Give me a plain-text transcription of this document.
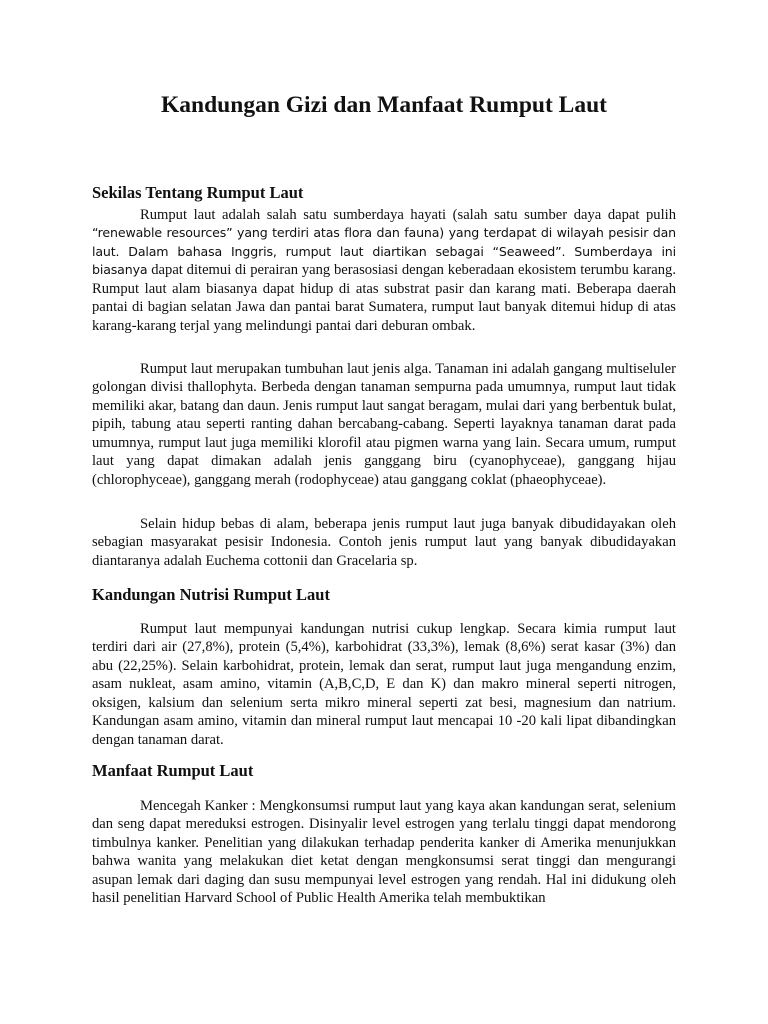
Kandungan Gizi dan Manfaat Rumput Laut
Sekilas Tentang Rumput Laut

Rumput laut adalah salah satu sumberdaya hayati (salah satu sumber daya dapat pulih “renewable resources” yang terdiri atas flora dan fauna) yang terdapat di wilayah pesisir dan laut. Dalam bahasa Inggris, rumput laut diartikan sebagai “Seaweed”. Sumberdaya ini biasanya dapat ditemui di perairan yang berasosiasi dengan keberadaan ekosistem terumbu karang. Rumput laut alam biasanya dapat hidup di atas substrat pasir dan karang mati. Beberapa daerah pantai di bagian selatan Jawa dan pantai barat Sumatera, rumput laut banyak ditemui hidup di atas karang-karang terjal yang melindungi pantai dari deburan ombak.

Rumput laut merupakan tumbuhan laut jenis alga. Tanaman ini adalah gangang multiseluler golongan divisi thallophyta. Berbeda dengan tanaman sempurna pada umumnya, rumput laut tidak memiliki akar, batang dan daun. Jenis rumput laut sangat beragam, mulai dari yang berbentuk bulat, pipih, tabung atau seperti ranting dahan bercabang-cabang. Seperti layaknya tanaman darat pada umumnya, rumput laut juga memiliki klorofil atau pigmen warna yang lain. Secara umum, rumput laut yang dapat dimakan adalah jenis ganggang biru (cyanophyceae), ganggang hijau (chlorophyceae), ganggang merah (rodophyceae) atau ganggang coklat (phaeophyceae).

Selain hidup bebas di alam, beberapa jenis rumput laut juga banyak dibudidayakan oleh sebagian masyarakat pesisir Indonesia. Contoh jenis rumput laut yang banyak dibudidayakan diantaranya adalah Euchema cottonii dan Gracelaria sp.

Kandungan Nutrisi Rumput Laut

Rumput laut mempunyai kandungan nutrisi cukup lengkap. Secara kimia rumput laut terdiri dari air (27,8%), protein (5,4%), karbohidrat (33,3%), lemak (8,6%) serat kasar (3%) dan abu (22,25%). Selain karbohidrat, protein, lemak dan serat, rumput laut juga mengandung enzim, asam nukleat, asam amino, vitamin (A,B,C,D, E dan K) dan makro mineral seperti nitrogen, oksigen, kalsium dan selenium serta mikro mineral seperti zat besi, magnesium dan natrium. Kandungan asam amino, vitamin dan mineral rumput laut mencapai 10 -20 kali lipat dibandingkan dengan tanaman darat.

Manfaat Rumput Laut

Mencegah Kanker : Mengkonsumsi rumput laut yang kaya akan kandungan serat, selenium dan seng dapat mereduksi estrogen. Disinyalir level estrogen yang terlalu tinggi dapat mendorong timbulnya kanker. Penelitian yang dilakukan terhadap penderita kanker di Amerika menunjukkan bahwa wanita yang melakukan diet ketat dengan mengkonsumsi serat tinggi dan mengurangi asupan lemak dari daging dan susu mempunyai level estrogen yang rendah. Hal ini didukung oleh hasil penelitian Harvard School of Public Health Amerika telah membuktikan
